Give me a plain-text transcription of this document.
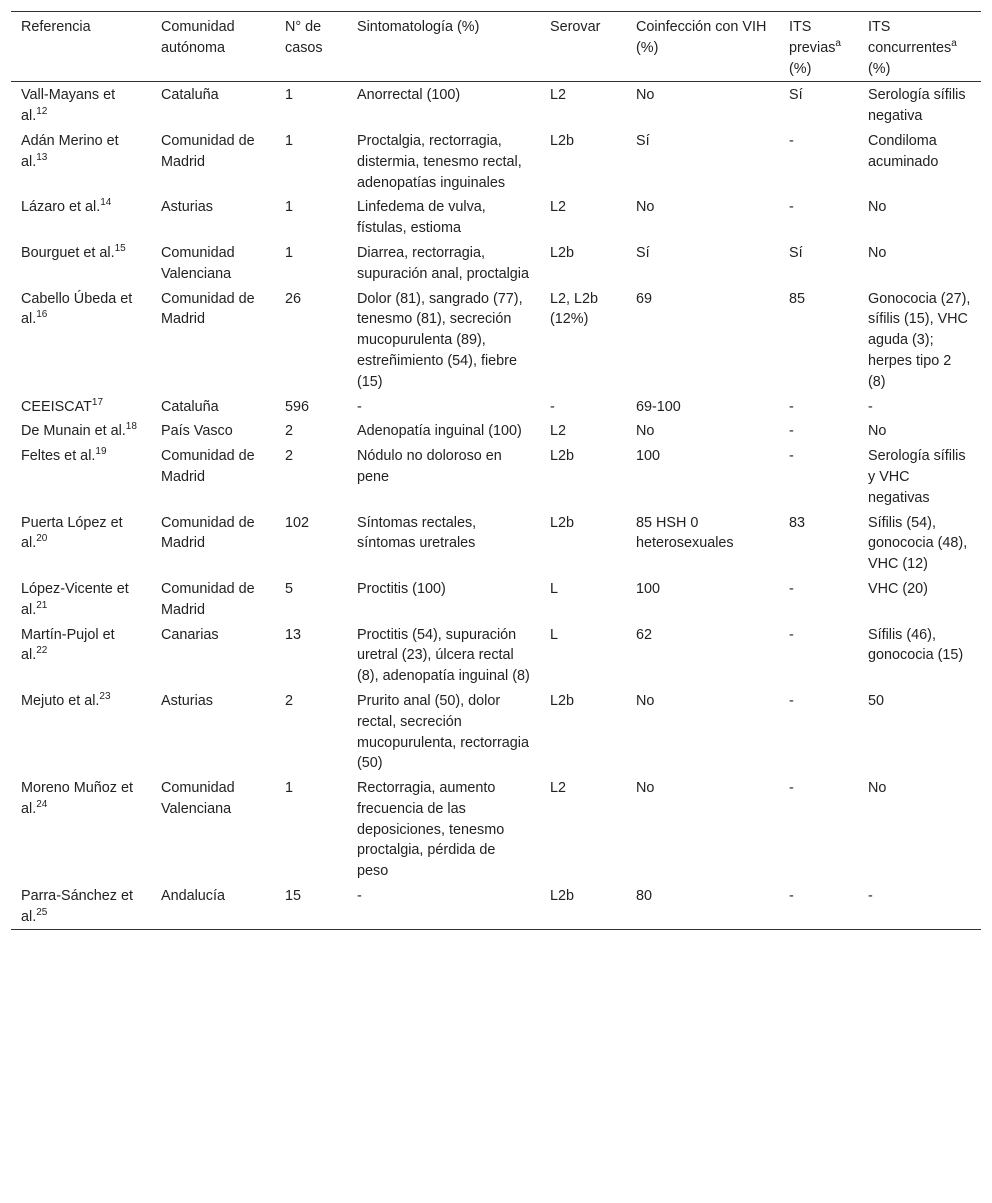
Referencia	Comunidad autónoma	N° de casos	Sintomatología (%)	Serovar	Coinfección con VIH (%)	ITS previas$^a$ (%)	ITS concurrentes$^a$ (%)
Vall-Mayans et al.$^{12}$	Cataluña	1	Anorrectal (100)	L2	No	Sí	Serología sífilis negativa
Adán Merino et al.$^{13}$	Comunidad de Madrid	1	Proctalgia, rectorragia, distermia, tenesmo rectal, adenopatías inguinales	L2b	Sí	-	Condiloma acuminado
Lázaro et al.$^{14}$	Asturias	1	Linfedema de vulva, fístulas, estioma	L2	No	-	No
Bourguet et al.$^{15}$	Comunidad Valenciana	1	Diarrea, rectorragia, supuración anal, proctalgia	L2b	Sí	Sí	No
Cabello Úbeda et al.$^{16}$	Comunidad de Madrid	26	Dolor (81), sangrado (77), tenesmo (81), secreción mucopurulenta (89), estreñimiento (54), fiebre (15)	L2, L2b (12%)	69	85	Gonococia (27), sífilis (15), VHC aguda (3); herpes tipo 2 (8)
CEEISCAT$^{17}$	Cataluña	596	-	-	69-100	-	-
De Munain et al.$^{18}$	País Vasco	2	Adenopatía inguinal (100)	L2	No	-	No
Feltes et al.$^{19}$	Comunidad de Madrid	2	Nódulo no doloroso en pene	L2b	100	-	Serología sífilis y VHC negativas
Puerta López et al.$^{20}$	Comunidad de Madrid	102	Síntomas rectales, síntomas uretrales	L2b	85 HSH 0 heterosexuales	83	Sífilis (54), gonococia (48), VHC (12)
López-Vicente et al.$^{21}$	Comunidad de Madrid	5	Proctitis (100)	L	100	-	VHC (20)
Martín-Pujol et al.$^{22}$	Canarias	13	Proctitis (54), supuración uretral (23), úlcera rectal (8), adenopatía inguinal (8)	L	62	-	Sífilis (46), gonococia (15)
Mejuto et al.$^{23}$	Asturias	2	Prurito anal (50), dolor rectal, secreción mucopurulenta, rectorragia (50)	L2b	No	-	50
Moreno Muñoz et al.$^{24}$	Comunidad Valenciana	1	Rectorragia, aumento frecuencia de las deposiciones, tenesmo proctalgia, pérdida de peso	L2	No	-	No
Parra-Sánchez et al.$^{25}$	Andalucía	15	-	L2b	80	-	-
